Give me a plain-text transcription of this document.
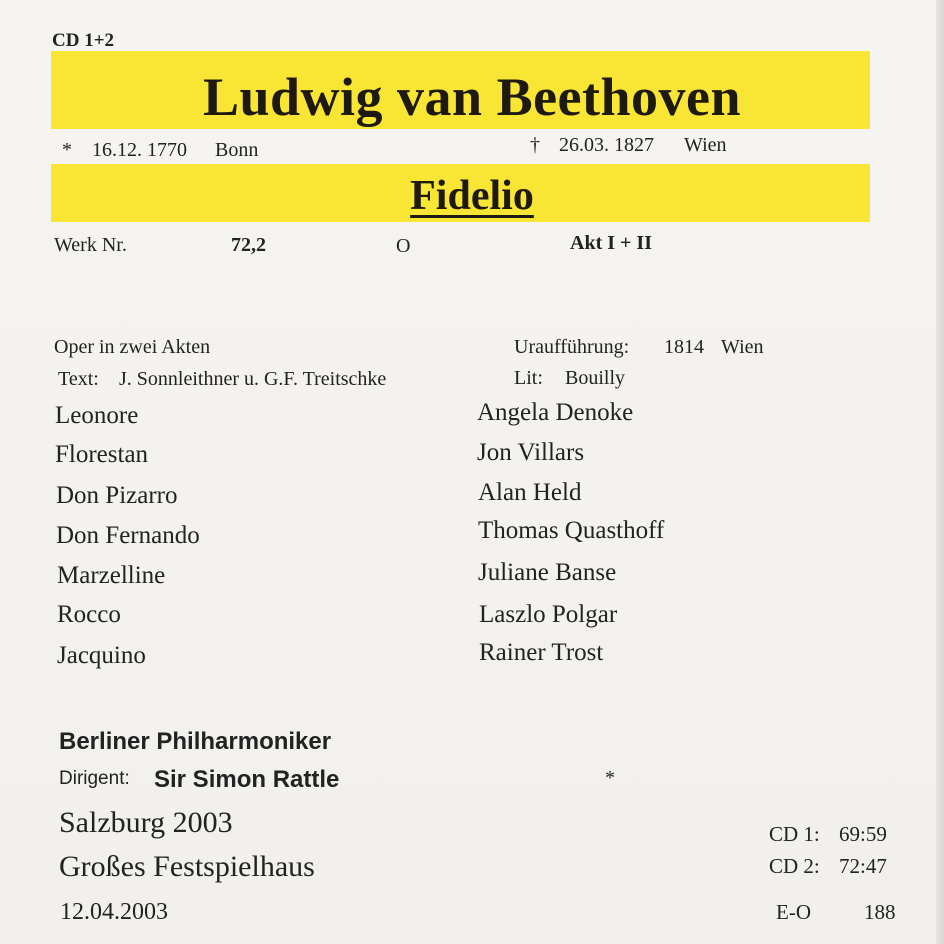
CD 1+2
Ludwig van Beethoven
* 16.12. 1770 Bonn	† 26.03. 1827 Wien
Fidelio
Werk Nr.	72,2	O	Akt I + II
Oper in zwei Akten
Text: J. Sonnleithner u. G.F. Treitschke
Uraufführung: 1814 Wien
Lit: Bouilly
Leonore	Angela Denoke
Florestan	Jon Villars
Don Pizarro	Alan Held
Don Fernando	Thomas Quasthoff
Marzelline	Juliane Banse
Rocco	Laszlo Polgar
Jacquino	Rainer Trost
Berliner Philharmoniker
Dirigent: Sir Simon Rattle	*
Salzburg 2003
Großes Festspielhaus
12.04.2003
CD 1: 69:59
CD 2: 72:47
E-O	188
